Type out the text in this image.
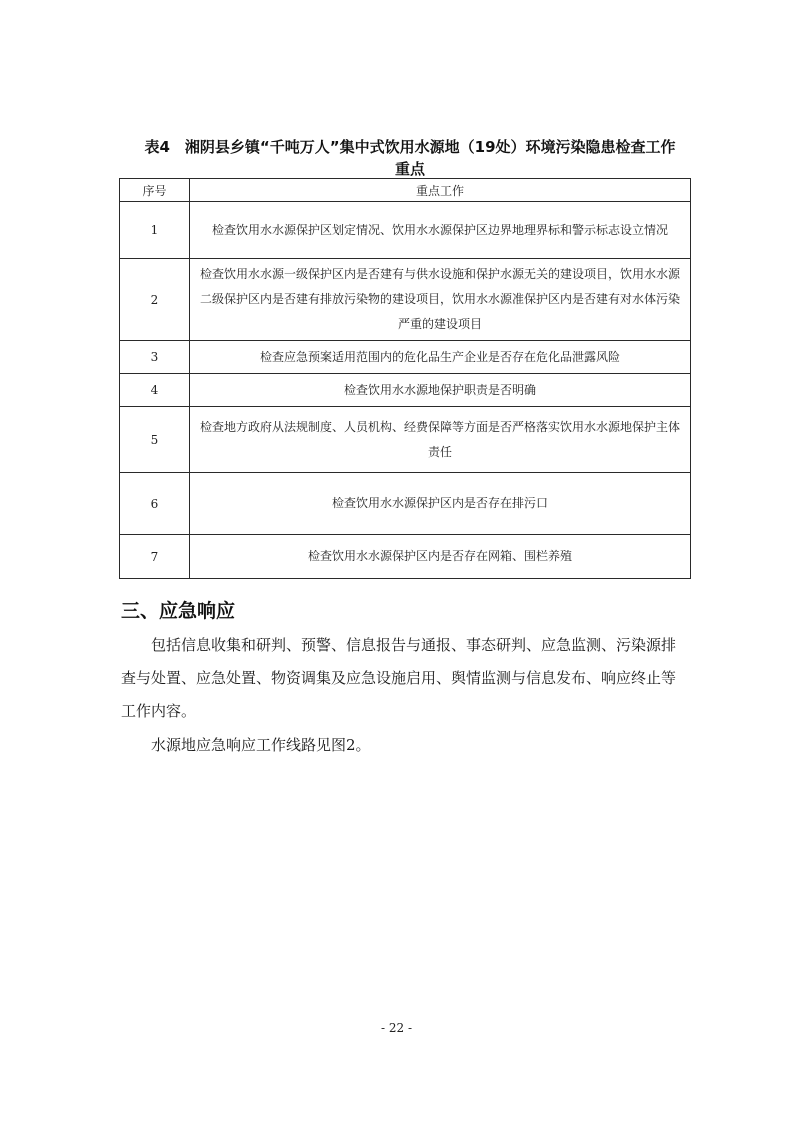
表4　湘阴县乡镇“千吨万人”集中式饮用水源地（19处）环境污染隐患检查工作重点
序号	重点工作
1	检查饮用水水源保护区划定情况、饮用水水源保护区边界地理界标和警示标志设立情况
2	检查饮用水水源一级保护区内是否建有与供水设施和保护水源无关的建设项目，饮用水水源二级保护区内是否建有排放污染物的建设项目，饮用水水源准保护区内是否建有对水体污染严重的建设项目
3	检查应急预案适用范围内的危化品生产企业是否存在危化品泄露风险
4	检查饮用水水源地保护职责是否明确
5	检查地方政府从法规制度、人员机构、经费保障等方面是否严格落实饮用水水源地保护主体责任
6	检查饮用水水源保护区内是否存在排污口
7	检查饮用水水源保护区内是否存在网箱、围栏养殖
三、应急响应

包括信息收集和研判、预警、信息报告与通报、事态研判、应急监测、污染源排查与处置、应急处置、物资调集及应急设施启用、舆情监测与信息发布、响应终止等工作内容。

水源地应急响应工作线路见图2。

- 22 -
